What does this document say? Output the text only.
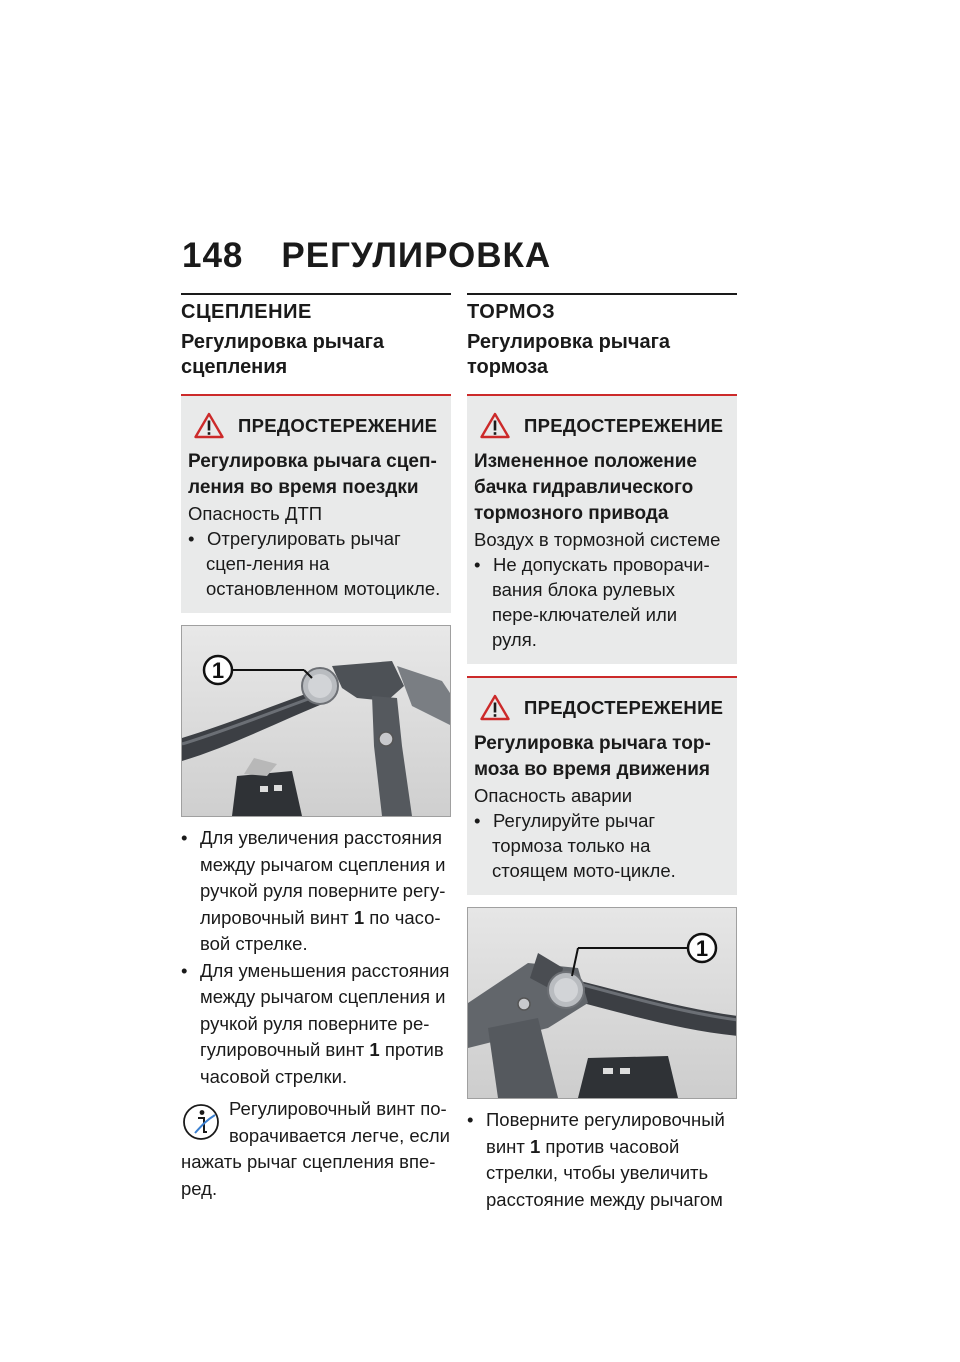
148 РЕГУЛИРОВКА
СЦЕПЛЕНИЕ
Регулировка рычага сцепления
ПРЕДОСТЕРЕЖЕНИЕ
Регулировка рычага сцеп-ления во время поездки
Опасность ДТП
• Отрегулировать рычаг сцеп-ления на остановленном мотоцикле.
1
• Для увеличения расстояния между рычагом сцепления и ручкой руля поверните регу-лировочный винт 1 по часо-вой стрелке.
• Для уменьшения расстояния между рычагом сцепления и ручкой руля поверните ре-гулировочный винт 1 против часовой стрелки.
Регулировочный винт по-ворачивается легче, если нажать рычаг сцепления впе-ред.
ТОРМОЗ
Регулировка рычага тормоза
ПРЕДОСТЕРЕЖЕНИЕ
Измененное положение бачка гидравлического тормозного привода
Воздух в тормозной системе
• Не допускать проворачи-вания блока рулевых пере-ключателей или руля.
ПРЕДОСТЕРЕЖЕНИЕ
Регулировка рычага тор-моза во время движения
Опасность аварии
• Регулируйте рычаг тормоза только на стоящем мото-цикле.
1
• Поверните регулировочный винт 1 против часовой стрелки, чтобы увеличить расстояние между рычагом
